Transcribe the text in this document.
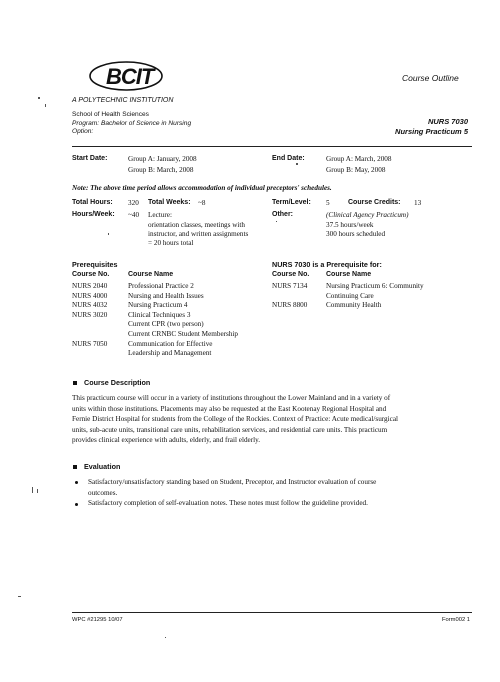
BCIT	Course Outline
A POLYTECHNIC INSTITUTION
School of Health Sciences
Program: Bachelor of Science in Nursing
Option:
NURS 7030
Nursing Practicum 5
Start Date:	Group A: January, 2008
Group B: March, 2008
End Date:	Group A: March, 2008
Group B: May, 2008
Note: The above time period allows accommodation of individual preceptors' schedules.
Total Hours: 320 Total Weeks: ~8	Term/Level: 5	Course Credits: 13
Hours/Week: ~40 Lecture:
orientation classes, meetings with
instructor, and written assignments
= 20 hours total
Other:	(Clinical Agency Practicum)
37.5 hours/week
300 hours scheduled
Prerequisites
Course No.	Course Name
NURS 2040	Professional Practice 2
NURS 4000	Nursing and Health Issues
NURS 4032	Nursing Practicum 4
NURS 3020	Clinical Techniques 3
Current CPR (two person)
Current CRNBC Student Membership
NURS 7050	Communication for Effective
Leadership and Management
NURS 7030 is a Prerequisite for:
Course No. Course Name
NURS 7134	Nursing Practicum 6: Community
Continuing Care
NURS 8800	Community Health
Course Description
This practicum course will occur in a variety of institutions throughout the Lower Mainland and in a variety of
units within those institutions. Placements may also be requested at the East Kootenay Regional Hospital and
Fernie District Hospital for students from the College of the Rockies. Context of Practice: Acute medical/surgical
units, sub-acute units, transitional care units, rehabilitation services, and residential care units. This practicum
provides clinical experience with adults, elderly, and frail elderly.
Evaluation
Satisfactory/unsatisfactory standing based on Student, Preceptor, and Instructor evaluation of course
outcomes.
Satisfactory completion of self-evaluation notes. These notes must follow the guideline provided.
WPC #21295 10/07	Form002 1
